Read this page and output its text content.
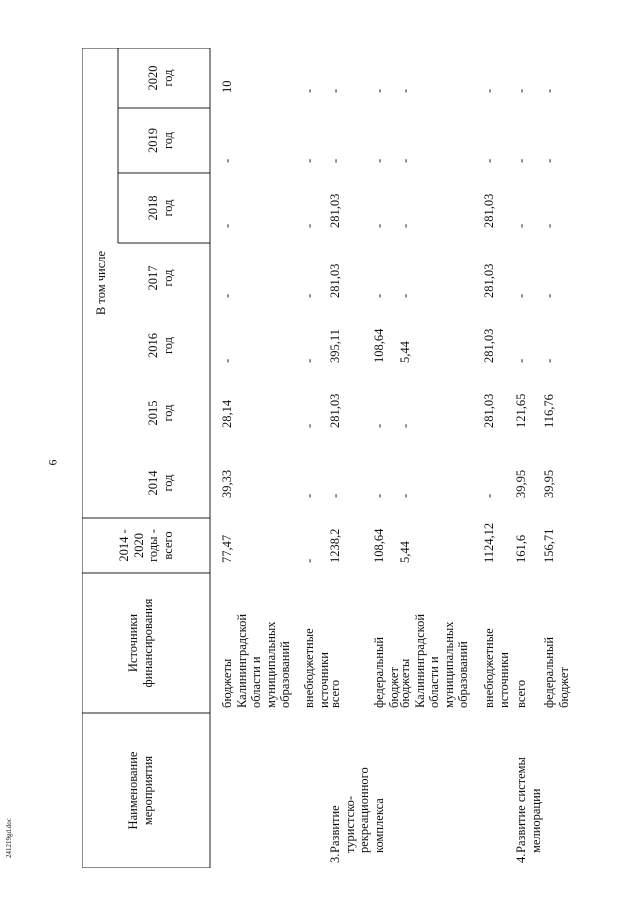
6
241219gd.doc
Наименование мероприятия
Источники финансирования
2014 - 2020 годы - всего
В том числе
2014 год
2015 год
2016 год
2017 год
2018 год
2019 год
2020 год
бюджеты Калининградской области и муниципальных образований
77,47
39,33
28,14
-
-
-
-
10
внебюджетные источники
-
-
-
-
-
-
-
-
3.
Развитие туристско- рекреационного комплекса
всего
1238,2
-
281,03
395,11
281,03
281,03
-
-
федеральный бюджет
108,64
-
-
108,64
-
-
-
-
бюджеты Калининградской области и муниципальных образований
5,44
-
-
5,44
-
-
-
-
внебюджетные источники
1124,12
-
281,03
281,03
281,03
281,03
-
-
4.
Развитие системы мелиорации
всего
161,6
39,95
121,65
-
-
-
-
-
федеральный бюджет
156,71
39,95
116,76
-
-
-
-
-
